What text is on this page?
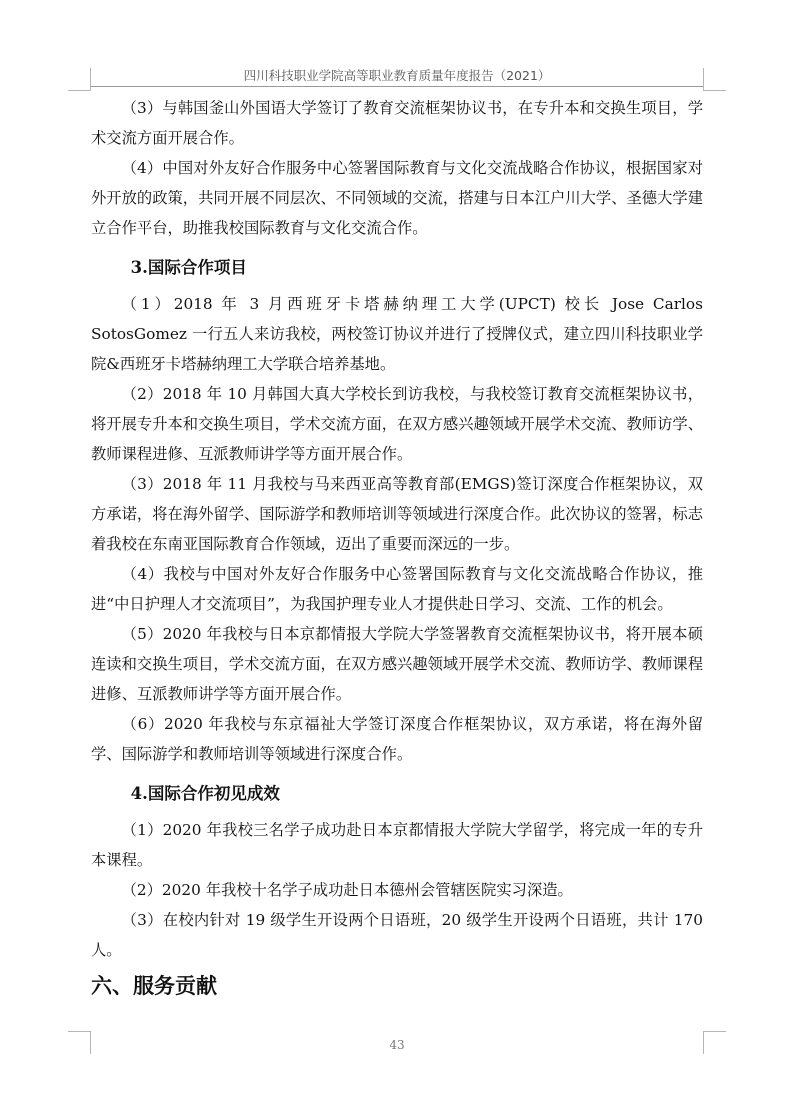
四川科技职业学院高等职业教育质量年度报告（2021）

（3）与韩国釜山外国语大学签订了教育交流框架协议书，在专升本和交换生项目，学术交流方面开展合作。

（4）中国对外友好合作服务中心签署国际教育与文化交流战略合作协议，根据国家对外开放的政策，共同开展不同层次、不同领域的交流，搭建与日本江户川大学、圣德大学建立合作平台，助推我校国际教育与文化交流合作。

3.国际合作项目

（1）2018 年 3 月西班牙卡塔赫纳理工大学(UPCT) 校长 Jose Carlos SotosGomez 一行五人来访我校，两校签订协议并进行了授牌仪式，建立四川科技职业学院&西班牙卡塔赫纳理工大学联合培养基地。

（2）2018 年 10 月韩国大真大学校长到访我校，与我校签订教育交流框架协议书，将开展专升本和交换生项目，学术交流方面，在双方感兴趣领域开展学术交流、教师访学、教师课程进修、互派教师讲学等方面开展合作。

（3）2018 年 11 月我校与马来西亚高等教育部(EMGS)签订深度合作框架协议，双方承诺，将在海外留学、国际游学和教师培训等领域进行深度合作。此次协议的签署，标志着我校在东南亚国际教育合作领域，迈出了重要而深远的一步。

（4）我校与中国对外友好合作服务中心签署国际教育与文化交流战略合作协议，推进“中日护理人才交流项目”，为我国护理专业人才提供赴日学习、交流、工作的机会。

（5）2020 年我校与日本京都情报大学院大学签署教育交流框架协议书，将开展本硕连读和交换生项目，学术交流方面，在双方感兴趣领域开展学术交流、教师访学、教师课程进修、互派教师讲学等方面开展合作。

（6）2020 年我校与东京福祉大学签订深度合作框架协议，双方承诺，将在海外留学、国际游学和教师培训等领域进行深度合作。

4.国际合作初见成效

（1）2020 年我校三名学子成功赴日本京都情报大学院大学留学，将完成一年的专升本课程。

（2）2020 年我校十名学子成功赴日本德州会管辖医院实习深造。

（3）在校内针对 19 级学生开设两个日语班，20 级学生开设两个日语班，共计 170 人。

六、服务贡献
43
